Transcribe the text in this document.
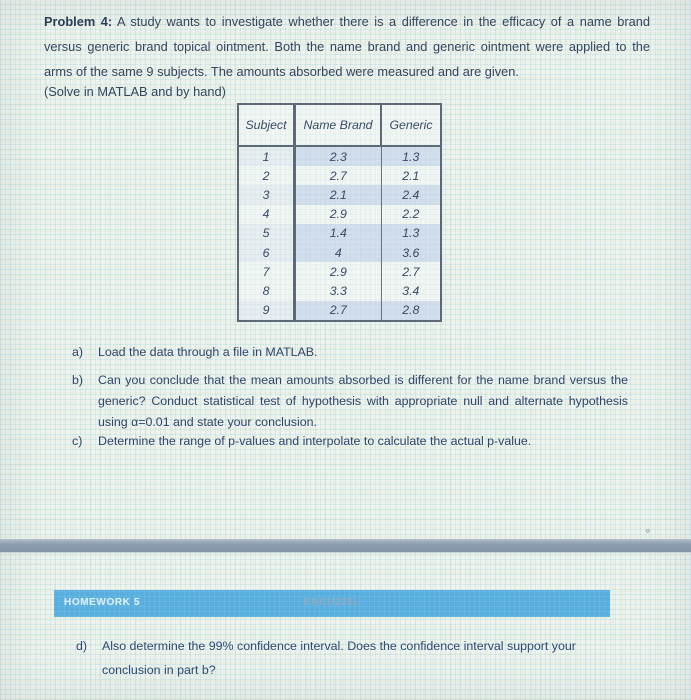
Problem 4: A study wants to investigate whether there is a difference in the efficacy of a name brand versus generic brand topical ointment. Both the name brand and generic ointment were applied to the arms of the same 9 subjects. The amounts absorbed were measured and are given.
(Solve in MATLAB and by hand)
Subject	Name Brand	Generic
1	2.3	1.3
2	2.7	2.1
3	2.1	2.4
4	2.9	2.2
5	1.4	1.3
6	4	3.6
7	2.9	2.7
8	3.3	3.4
9	2.7	2.8
a)	Load the data through a file in MATLAB.
b)	Can you conclude that the mean amounts absorbed is different for the name brand versus the generic? Conduct statistical test of hypothesis with appropriate null and alternate hypothesis using α=0.01 and state your conclusion.
c)	Determine the range of p-values and interpolate to calculate the actual p-value.
⋄
HOMEWORK 5	ENCH225L
d)	Also determine the 99% confidence interval. Does the confidence interval support your conclusion in part b?
